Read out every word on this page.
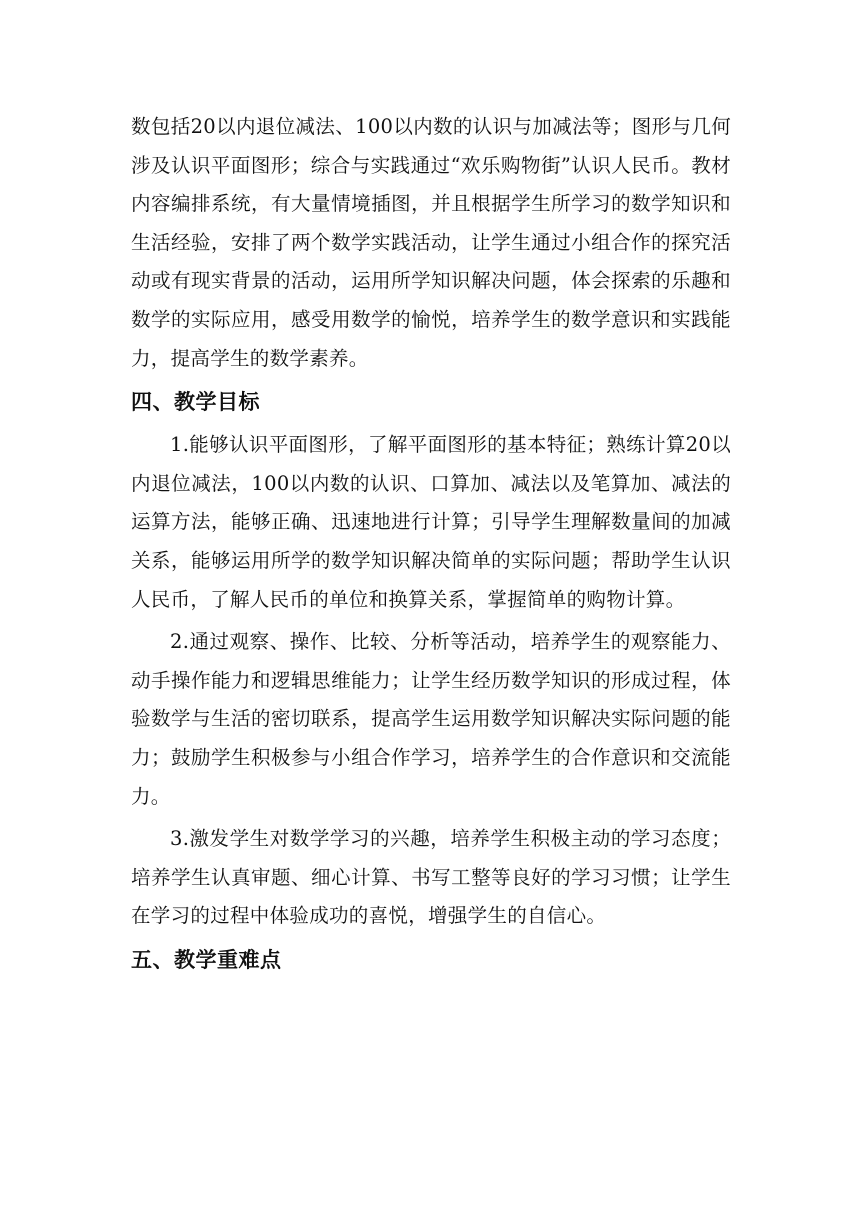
数包括20以内退位减法、100以内数的认识与加减法等；图形与几何涉及认识平面图形；综合与实践通过“欢乐购物街”认识人民币。教材内容编排系统，有大量情境插图，并且根据学生所学习的数学知识和生活经验，安排了两个数学实践活动，让学生通过小组合作的探究活动或有现实背景的活动，运用所学知识解决问题，体会探索的乐趣和数学的实际应用，感受用数学的愉悦，培养学生的数学意识和实践能力，提高学生的数学素养。

四、教学目标

1.能够认识平面图形，了解平面图形的基本特征；熟练计算20以内退位减法，100以内数的认识、口算加、减法以及笔算加、减法的运算方法，能够正确、迅速地进行计算；引导学生理解数量间的加减关系，能够运用所学的数学知识解决简单的实际问题；帮助学生认识人民币，了解人民币的单位和换算关系，掌握简单的购物计算。

2.通过观察、操作、比较、分析等活动，培养学生的观察能力、动手操作能力和逻辑思维能力；让学生经历数学知识的形成过程，体验数学与生活的密切联系，提高学生运用数学知识解决实际问题的能力；鼓励学生积极参与小组合作学习，培养学生的合作意识和交流能力。

3.激发学生对数学学习的兴趣，培养学生积极主动的学习态度；培养学生认真审题、细心计算、书写工整等良好的学习习惯；让学生在学习的过程中体验成功的喜悦，增强学生的自信心。

五、教学重难点
